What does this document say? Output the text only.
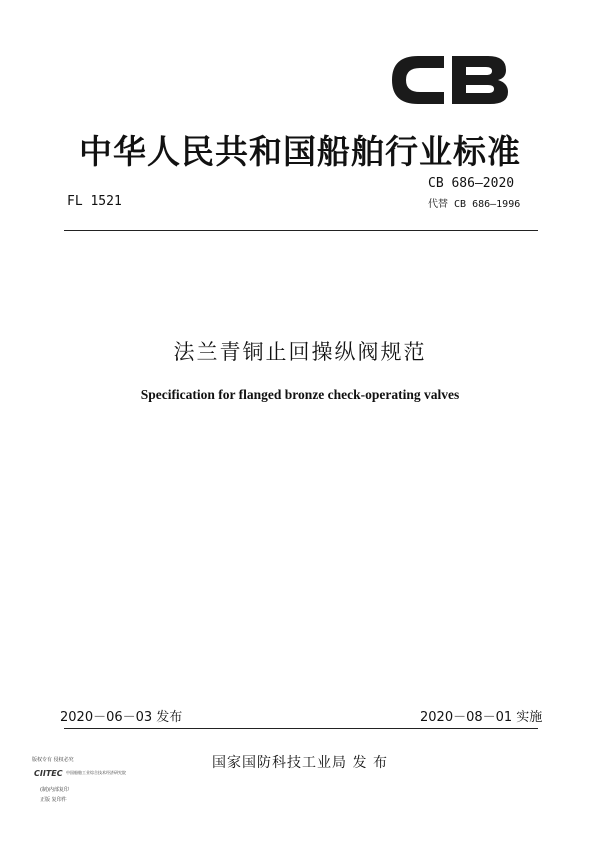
中华人民共和国船舶行业标准
FL 1521
CB 686—2020
代替 CB 686—1996
法兰青铜止回操纵阀规范
Specification for flanged bronze check-operating valves
2020－06－03 发布	2020－08－01 实施
版权专有 侵权必究
CIITEC 中国船舶工业综合技术经济研究院
(制)内部复印
正版 复印件
国家国防科技工业局 发 布
